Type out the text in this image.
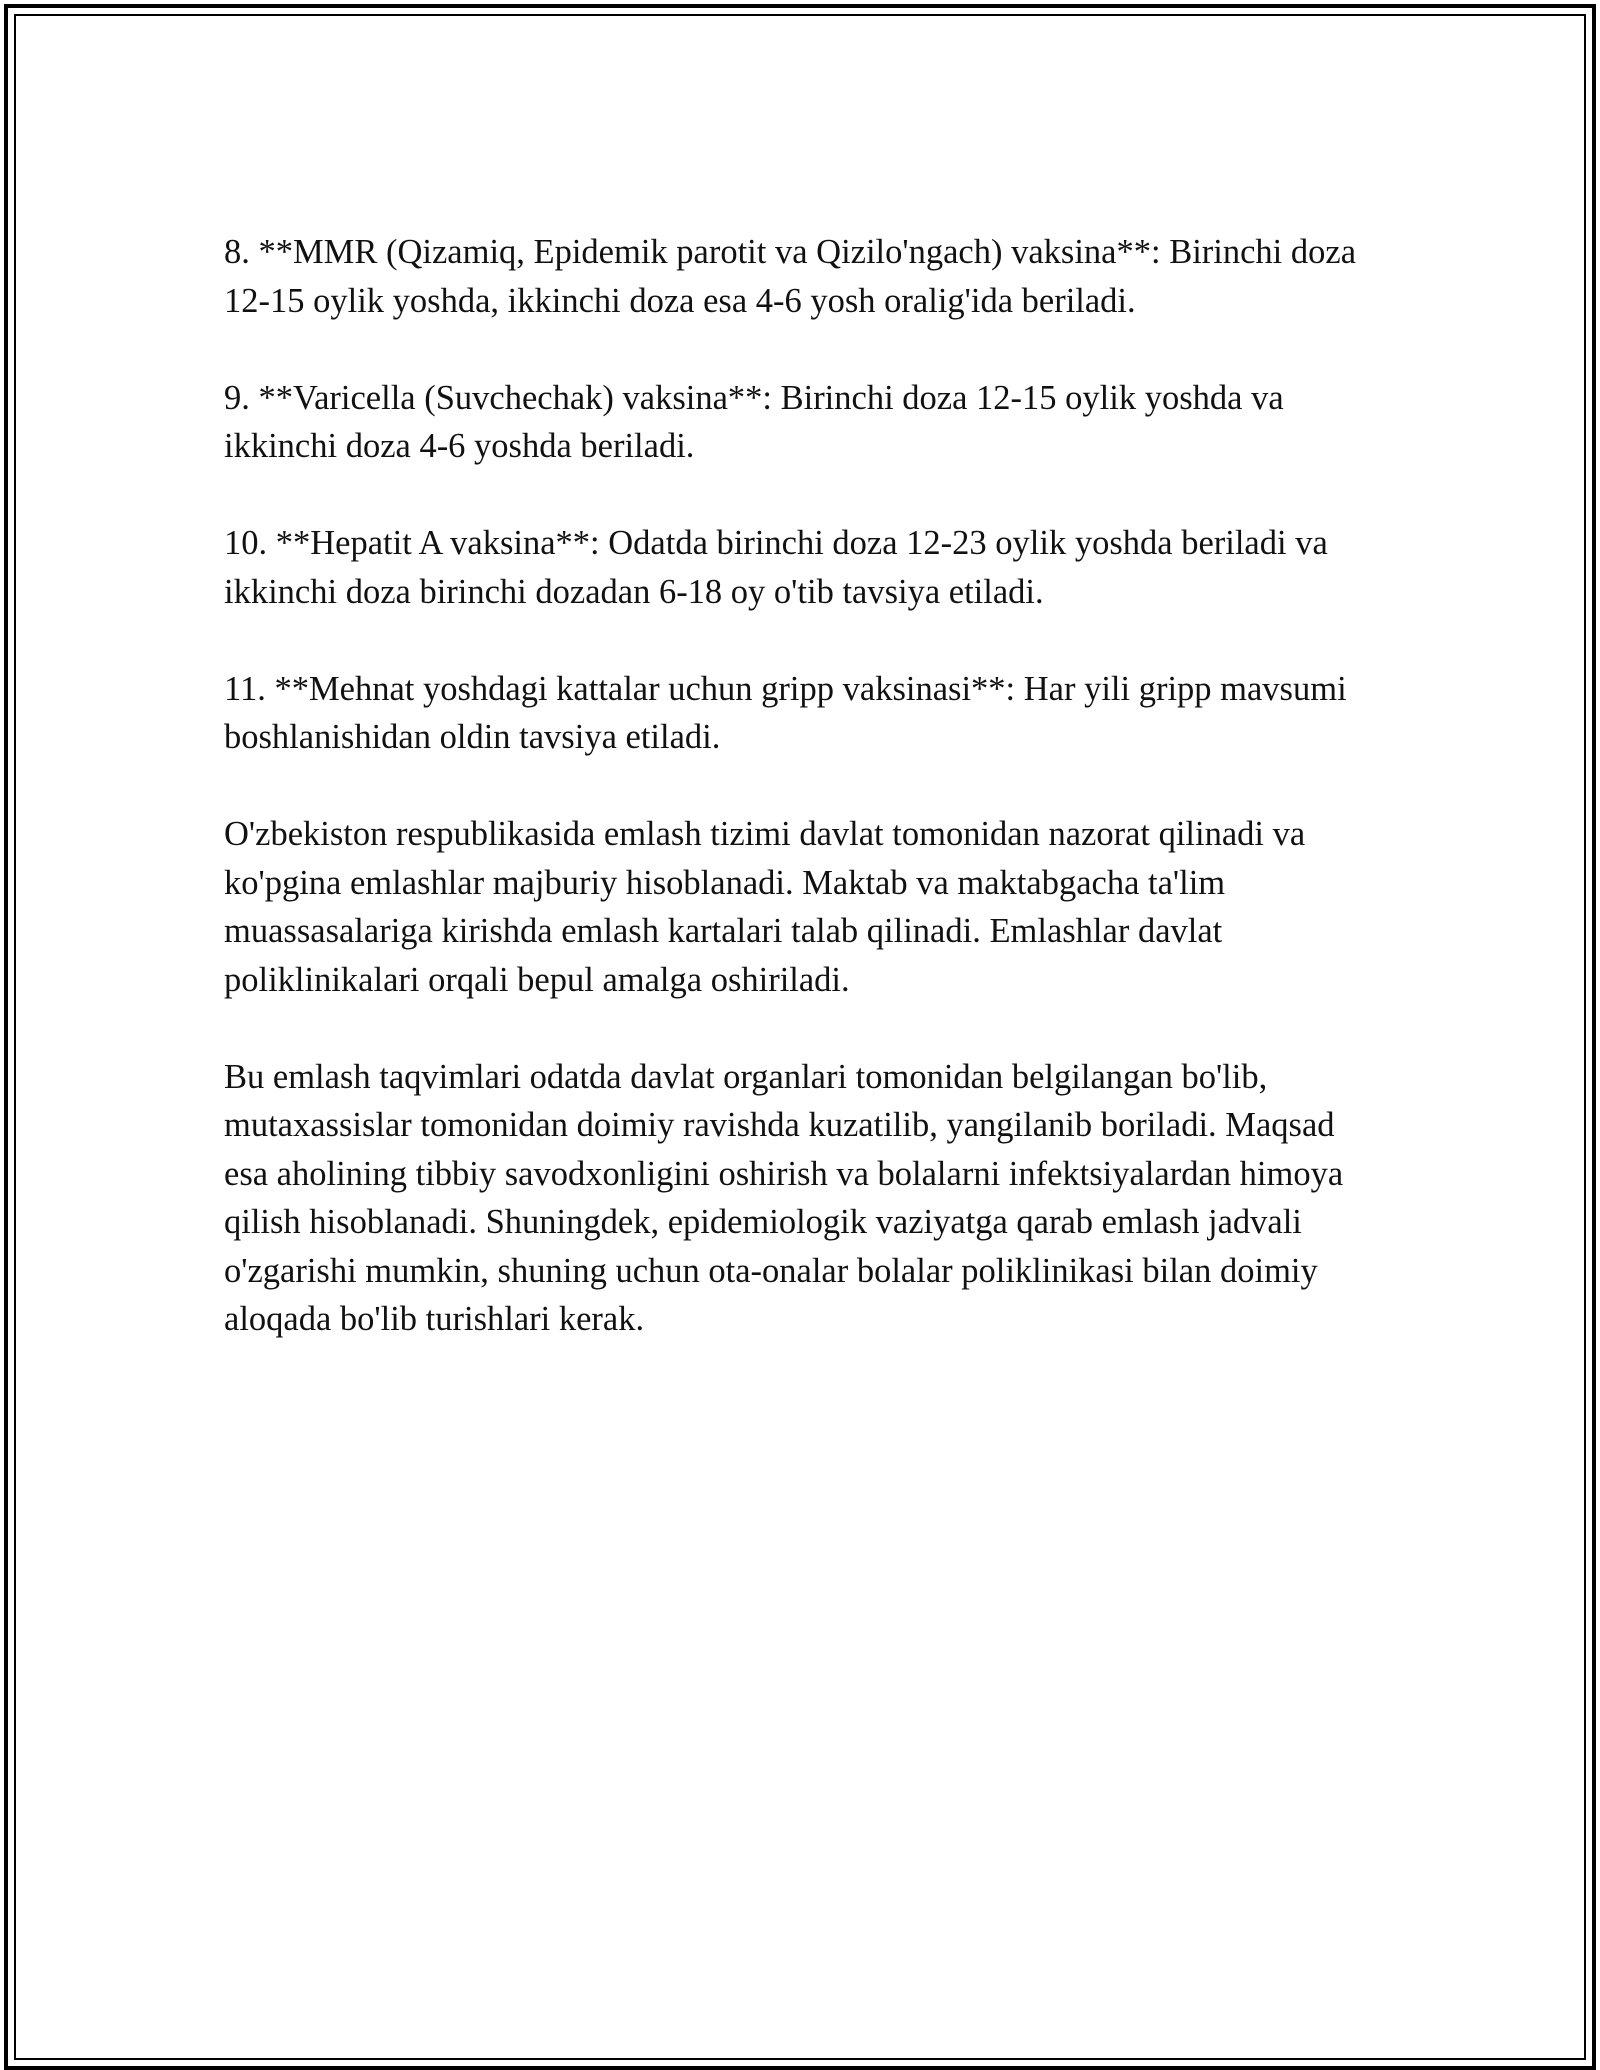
8. **MMR (Qizamiq, Epidemik parotit va Qizilo'ngach) vaksina**: Birinchi doza 12-15 oylik yoshda, ikkinchi doza esa 4-6 yosh oralig'ida beriladi.

9. **Varicella (Suvchechak) vaksina**: Birinchi doza 12-15 oylik yoshda va ikkinchi doza 4-6 yoshda beriladi.

10. **Hepatit A vaksina**: Odatda birinchi doza 12-23 oylik yoshda beriladi va ikkinchi doza birinchi dozadan 6-18 oy o'tib tavsiya etiladi.

11. **Mehnat yoshdagi kattalar uchun gripp vaksinasi**: Har yili gripp mavsumi boshlanishidan oldin tavsiya etiladi.

O'zbekiston respublikasida emlash tizimi davlat tomonidan nazorat qilinadi va ko'pgina emlashlar majburiy hisoblanadi. Maktab va maktabgacha ta'lim muassasalariga kirishda emlash kartalari talab qilinadi. Emlashlar davlat poliklinikalari orqali bepul amalga oshiriladi.

Bu emlash taqvimlari odatda davlat organlari tomonidan belgilangan bo'lib, mutaxassislar tomonidan doimiy ravishda kuzatilib, yangilanib boriladi. Maqsad esa aholining tibbiy savodxonligini oshirish va bolalarni infektsiyalardan himoya qilish hisoblanadi. Shuningdek, epidemiologik vaziyatga qarab emlash jadvali o'zgarishi mumkin, shuning uchun ota-onalar bolalar poliklinikasi bilan doimiy aloqada bo'lib turishlari kerak.
